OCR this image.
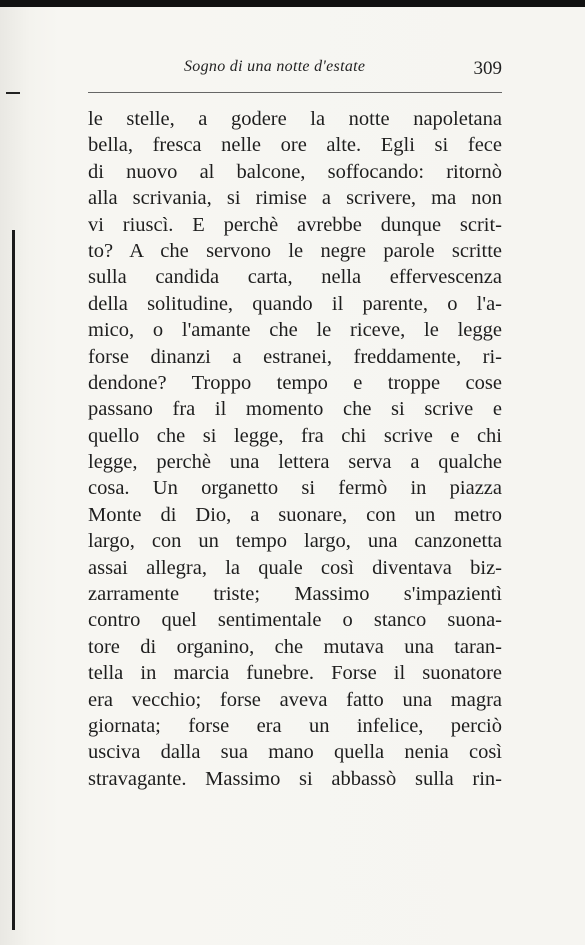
Sogno di una notte d'estate	309
le stelle, a godere la notte napoletana
bella, fresca nelle ore alte. Egli si fece
di nuovo al balcone, soffocando: ritornò
alla scrivania, si rimise a scrivere, ma non
vi riuscì. E perchè avrebbe dunque scrit-
to? A che servono le negre parole scritte
sulla candida carta, nella effervescenza
della solitudine, quando il parente, o l'a-
mico, o l'amante che le riceve, le legge
forse dinanzi a estranei, freddamente, ri-
dendone? Troppo tempo e troppe cose
passano fra il momento che si scrive e
quello che si legge, fra chi scrive e chi
legge, perchè una lettera serva a qualche
cosa. Un organetto si fermò in piazza
Monte di Dio, a suonare, con un metro
largo, con un tempo largo, una canzonetta
assai allegra, la quale così diventava biz-
zarramente triste; Massimo s'impazientì
contro quel sentimentale o stanco suona-
tore di organino, che mutava una taran-
tella in marcia funebre. Forse il suonatore
era vecchio; forse aveva fatto una magra
giornata; forse era un infelice, perciò
usciva dalla sua mano quella nenia così
stravagante. Massimo si abbassò sulla rin-
